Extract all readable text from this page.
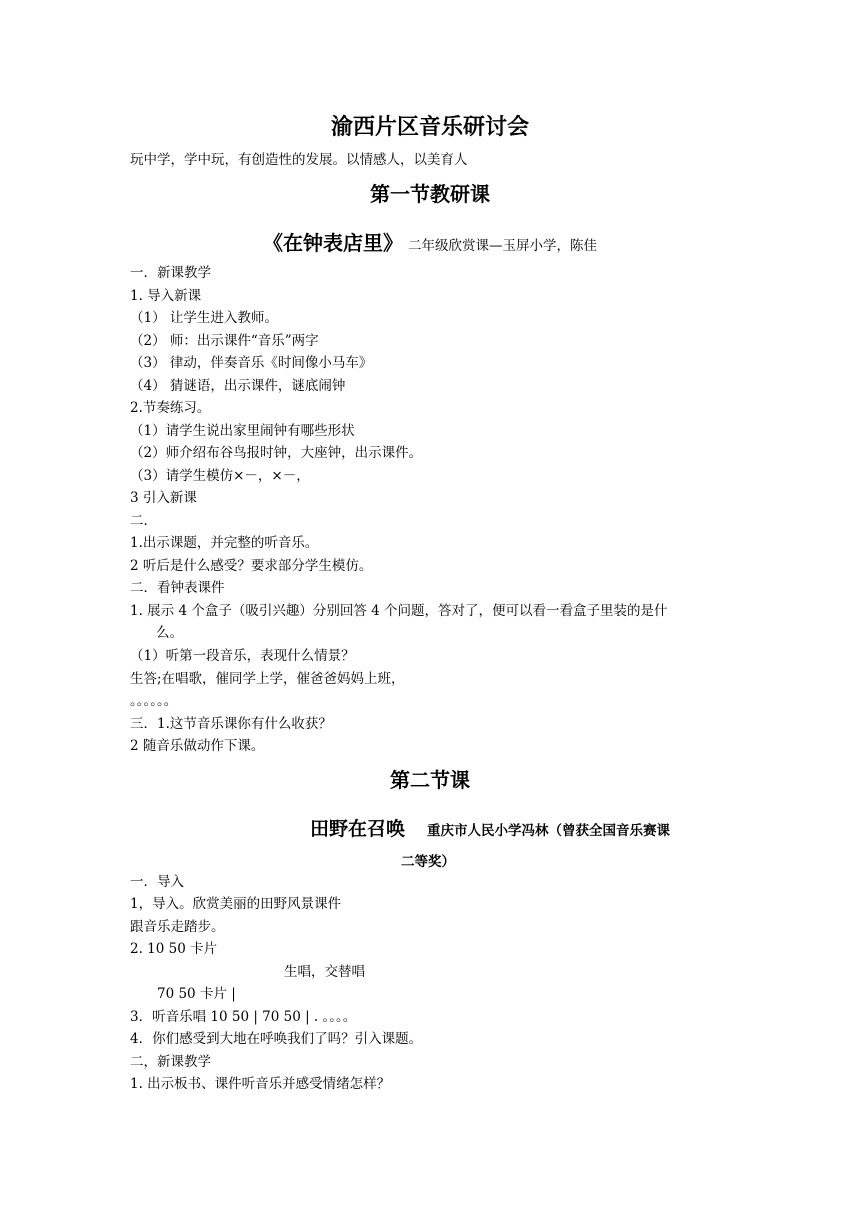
渝西片区音乐研讨会
玩中学，学中玩，有创造性的发展。以情感人，以美育人
第一节教研课
《在钟表店里》 二年级欣赏课—玉屏小学，陈佳
一．新课教学
1. 导入新课
（1） 让学生进入教师。
（2） 师：出示课件“音乐”两字
（3） 律动，伴奏音乐《时间像小马车》
（4） 猜谜语，出示课件，谜底闹钟
2.节奏练习。
（1）请学生说出家里闹钟有哪些形状
（2）师介绍布谷鸟报时钟，大座钟，出示课件。
（3）请学生模仿×－，×－，
3 引入新课
二．
1.出示课题，并完整的听音乐。
2 听后是什么感受？要求部分学生模仿。
二．看钟表课件
1. 展示 4 个盒子（吸引兴趣）分别回答 4 个问题，答对了，便可以看一看盒子里装的是什
么。
（1）听第一段音乐，表现什么情景？
生答;在唱歌，催同学上学，催爸爸妈妈上班，
。。。。。。
三．1.这节音乐课你有什么收获？
2 随音乐做动作下课。
第二节课
田野在召唤 重庆市人民小学冯林（曾获全国音乐赛课
二等奖）
一．导入
1，导入。欣赏美丽的田野风景课件
跟音乐走踏步。
2. 10 50 卡片
生唱，交替唱
70 50 卡片 |
3．听音乐唱 10 50 | 70 50 | . 。。。。
4．你们感受到大地在呼唤我们了吗？引入课题。
二，新课教学
1. 出示板书、课件听音乐并感受情绪怎样？
